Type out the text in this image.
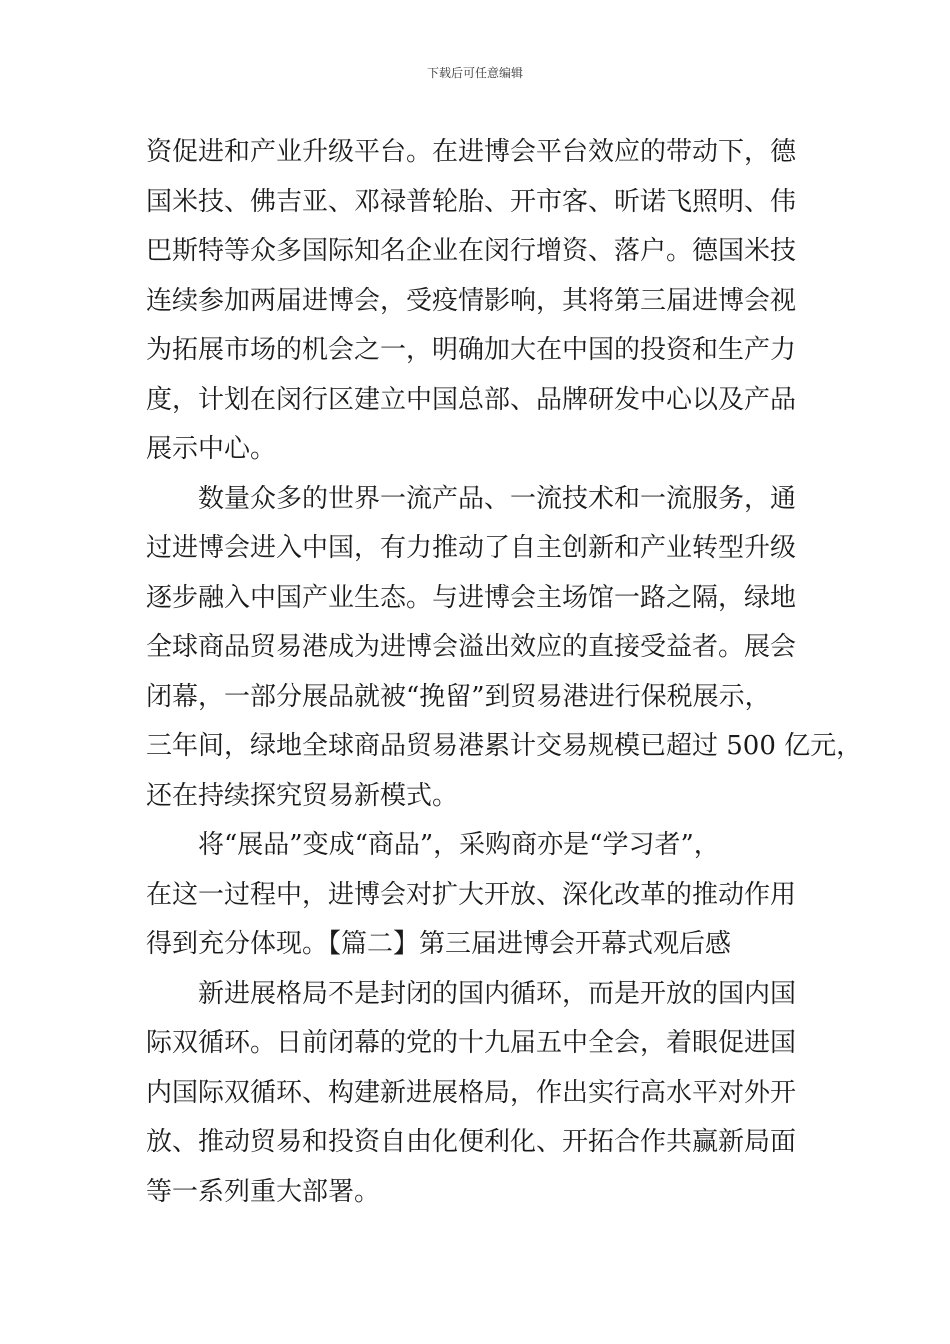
下载后可任意编辑
资促进和产业升级平台。在进博会平台效应的带动下，德
国米技、佛吉亚、邓禄普轮胎、开市客、昕诺飞照明、伟
巴斯特等众多国际知名企业在闵行增资、落户。德国米技
连续参加两届进博会，受疫情影响，其将第三届进博会视
为拓展市场的机会之一，明确加大在中国的投资和生产力
度，计划在闵行区建立中国总部、品牌研发中心以及产品
展示中心。
数量众多的世界一流产品、一流技术和一流服务，通
过进博会进入中国，有力推动了自主创新和产业转型升级
逐步融入中国产业生态。与进博会主场馆一路之隔，绿地
全球商品贸易港成为进博会溢出效应的直接受益者。展会
闭幕，一部分展品就被“挽留”到贸易港进行保税展示，
三年间，绿地全球商品贸易港累计交易规模已超过 500 亿元，
还在持续探究贸易新模式。
将“展品”变成“商品”，采购商亦是“学习者”，
在这一过程中，进博会对扩大开放、深化改革的推动作用
得到充分体现。【篇二】第三届进博会开幕式观后感
新进展格局不是封闭的国内循环，而是开放的国内国
际双循环。日前闭幕的党的十九届五中全会，着眼促进国
内国际双循环、构建新进展格局，作出实行高水平对外开
放、推动贸易和投资自由化便利化、开拓合作共赢新局面
等一系列重大部署。
